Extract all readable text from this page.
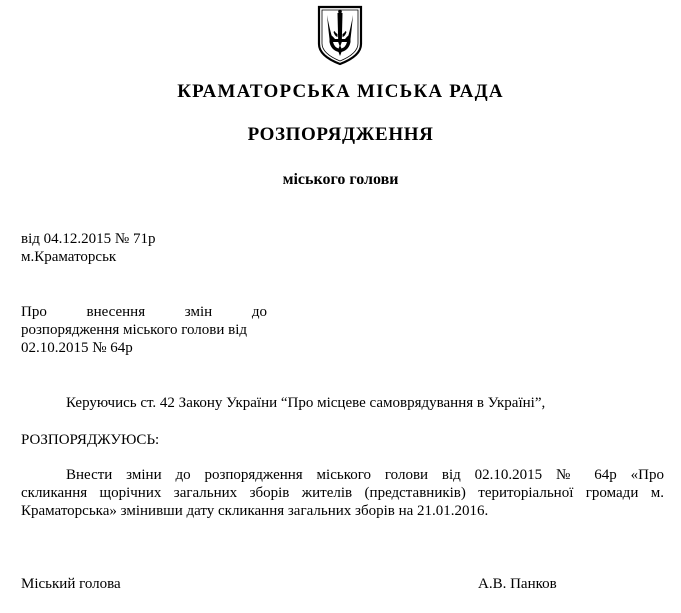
КРАМАТОРСЬКА МІСЬКА РАДА
РОЗПОРЯДЖЕННЯ
міського голови
від 04.12.2015 № 71р
м.Краматорськ
Про внесення змін до
розпорядження міського голови від
02.10.2015 № 64р
Керуючись ст. 42 Закону України “Про місцеве самоврядування в Україні”,
РОЗПОРЯДЖУЮСЬ:
Внести зміни до розпорядження міського голови від 02.10.2015 № 64р «Про
скликання щорічних загальних зборів жителів (представників) територіальної громади м.
Краматорська» змінивши дату скликання загальних зборів на 21.01.2016.
Міський голова	А.В. Панков
